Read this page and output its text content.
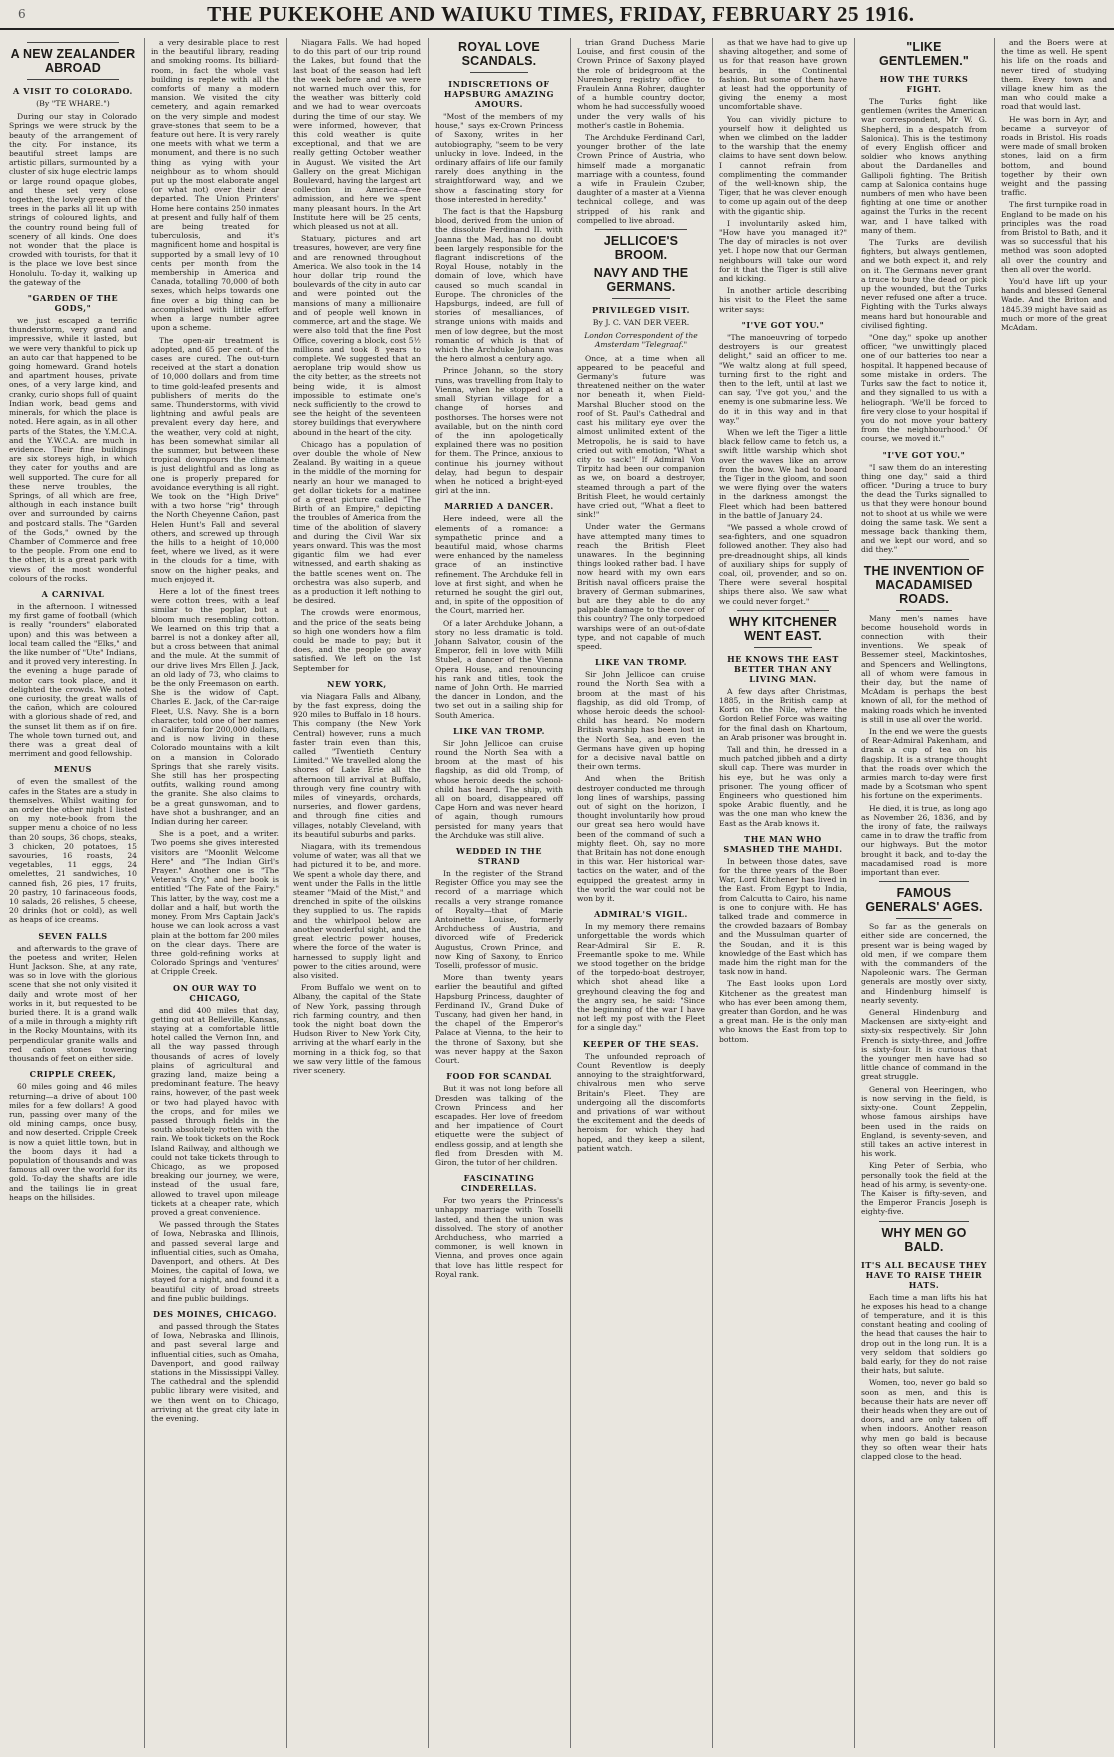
6	THE PUKEKOHE AND WAIUKU TIMES, FRIDAY, FEBRUARY 25 1916.
A NEW ZEALANDER ABROAD
A VISIT TO COLORADO.
(By "TE WHARE.")

During our stay in Colorado Springs we were struck by the beauty of the arrangement of the city. For instance, its beautiful street lamps are artistic pillars, surmounted by a cluster of six huge electric lamps or large round opaque globes, and these set very close together, the lovely green of the trees in the parks all lit up with strings of coloured lights, and the country round being full of scenery of all kinds. One does not wonder that the place is crowded with tourists, for that it is the place we love best since Honolulu. To-day it, walking up the gateway of the

"GARDEN OF THE GODS,"

we just escaped a terrific thunderstorm, very grand and impressive, while it lasted, but we were very thankful to pick up an auto car that happened to be going homeward. Grand hotels and apartment houses, private ones, of a very large kind, and cranky, curio shops full of quaint Indian work, bead gems and minerals, for which the place is noted. Here again, as in all other parts of the States, the Y.M.C.A. and the Y.W.C.A. are much in evidence. Their fine buildings are six storeys high, in which they cater for youths and are well supported. The cure for all these nerve troubles, the Springs, of all which are free, although in each instance built over and surrounded by cairns and postcard stalls. The "Garden of the Gods," owned by the Chamber of Commerce and free to the people. From one end to the other, it is a great park with views of the most wonderful colours of the rocks.

A CARNIVAL

in the afternoon. I witnessed my first game of football (which is really "rounders" elaborated upon) and this was between a local team called the "Elks," and the like number of "Ute" Indians, and it proved very interesting. In the evening a huge parade of motor cars took place, and it delighted the crowds. We noted one curiosity, the great walls of the cañon, which are coloured with a glorious shade of red, and the sunset lit them as if on fire. The whole town turned out, and there was a great deal of merriment and good fellowship.

MENUS

of even the smallest of the cafes in the States are a study in themselves. Whilst waiting for an order the other night I listed on my note-book from the supper menu a choice of no less than 20 soups, 36 chops, steaks, 3 chicken, 20 potatoes, 15 savouries, 16 roasts, 24 vegetables, 11 eggs, 24 omelettes, 21 sandwiches, 10 canned fish, 26 pies, 17 fruits, 20 pastry, 10 farinaceous foods, 10 salads, 26 relishes, 5 cheese, 20 drinks (hot or cold), as well as heaps of ice creams.

SEVEN FALLS

and afterwards to the grave of the poetess and writer, Helen Hunt Jackson. She, at any rate, was so in love with the glorious scene that she not only visited it daily and wrote most of her works in it, but requested to be buried there. It is a grand walk of a mile in through a mighty rift in the Rocky Mountains, with its perpendicular granite walls and red cañon stones towering thousands of feet on either side.

CRIPPLE CREEK,

60 miles going and 46 miles returning—a drive of about 100 miles for a few dollars! A good run, passing over many of the old mining camps, once busy, and now deserted. Cripple Creek is now a quiet little town, but in the boom days it had a population of thousands and was famous all over the world for its gold. To-day the shafts are idle and the tailings lie in great heaps on the hillsides.

a very desirable place to rest in the beautiful library, reading and smoking rooms. Its billiard-room, in fact the whole vast building is replete with all the comforts of many a modern mansion. We visited the city cemetery, and again remarked on the very simple and modest grave-stones that seem to be a feature out here. It is very rarely one meets with what we term a monument, and there is no such thing as vying with your neighbour as to whom should put up the most elaborate angel (or what not) over their dear departed. The Union Printers' Home here contains 250 inmates at present and fully half of them are being treated for tuberculosis, and it's magnificent home and hospital is supported by a small levy of 10 cents per month from the membership in America and Canada, totalling 70,000 of both sexes, which helps towards one fine over a big thing can be accomplished with little effort when a large number agree upon a scheme.

The open-air treatment is adopted, and 65 per cent. of the cases are cured. The out-turn received at the start a donation of 10,000 dollars and from time to time gold-leafed presents and publishers of merits do the same. Thunderstorms, with vivid lightning and awful peals are prevalent every day here, and the weather, very cold at night, has been somewhat similar all the summer, but between these tropical downpours the climate is just delightful and as long as one is properly prepared for avoidance everything is all right. We took on the "High Drive" with a two horse "rig" through the North Cheyenne Cañon, past Helen Hunt's Fall and several others, and screwed up through the hills to a height of 10,000 feet, where we lived, as it were in the clouds for a time, with snow on the higher peaks, and much enjoyed it.

Here a lot of the finest trees were cotton trees, with a leaf similar to the poplar, but a bloom much resembling cotton. We learned on this trip that a barrel is not a donkey after all, but a cross between that animal and the mule. At the summit of our drive lives Mrs Ellen J. Jack, an old lady of 73, who claims to be the only Freemason on earth. She is the widow of Capt. Charles E. Jack, of the Car-raige Fleet, U.S. Navy. She is a born character, told one of her names in California for 200,000 dollars, and is now living in these Colorado mountains with a kilt on a mansion in Colorado Springs that she rarely visits. She still has her prospecting outfits, walking round among the granite. She also claims to be a great gunswoman, and to have shot a bushranger, and an Indian during her career.

She is a poet, and a writer. Two poems she gives interested visitors are "Moonlit Welcome Here" and "The Indian Girl's Prayer." Another one is "The Veteran's Cry," and her book is entitled "The Fate of the Fairy." This latter, by the way, cost me a dollar and a half, but worth the money. From Mrs Captain Jack's house we can look across a vast plain at the bottom far 200 miles on the clear days. There are three gold-refining works at Colorado Springs and 'ventures' at Cripple Creek.

ON OUR WAY TO CHICAGO,

and did 400 miles that day, getting out at Belleville, Kansas, staying at a comfortable little hotel called the Vernon Inn, and all the way passed through thousands of acres of lovely plains of agricultural and grazing land, maize being a predominant feature. The heavy rains, however, of the past week or two had played havoc with the crops, and for miles we passed through fields in the south absolutely rotten with the rain. We took tickets on the Rock Island Railway, and although we could not take tickets through to Chicago, as we proposed breaking our journey, we were, instead of the usual fare, allowed to travel upon mileage tickets at a cheaper rate, which proved a great convenience.

We passed through the States of Iowa, Nebraska and Illinois, and passed several large and influential cities, such as Omaha, Davenport, and others. At Des Moines, the capital of Iowa, we stayed for a night, and found it a beautiful city of broad streets and fine public buildings.

DES MOINES, CHICAGO.

and passed through the States of Iowa, Nebraska and Illinois, and past several large and influential cities, such as Omaha, Davenport, and good railway stations in the Mississippi Valley. The cathedral and the splendid public library were visited, and we then went on to Chicago, arriving at the great city late in the evening.

Niagara Falls. We had hoped to do this part of our trip round the Lakes, but found that the last boat of the season had left the week before and we were not warned much over this, for the weather was bitterly cold and we had to wear overcoats during the time of our stay. We were informed, however, that this cold weather is quite exceptional, and that we are really getting October weather in August. We visited the Art Gallery on the great Michigan Boulevard, having the largest art collection in America—free admission, and here we spent many pleasant hours. In the Art Institute here will be 25 cents, which pleased us not at all.

Statuary, pictures and art treasures, however, are very fine and are renowned throughout America. We also took in the 14 hour dollar trip round the boulevards of the city in auto car and were pointed out the mansions of many a millionaire and of people well known in commerce, art and the stage. We were also told that the fine Post Office, covering a block, cost 5½ millions and took 8 years to complete. We suggested that an aeroplane trip would show us the city better, as the streets not being wide, it is almost impossible to estimate one's neck sufficiently to the crowd to see the height of the seventeen storey buildings that everywhere abound in the heart of the city.

Chicago has a population of over double the whole of New Zealand. By waiting in a queue in the middle of the morning for nearly an hour we managed to get dollar tickets for a matinee of a great picture called "The Birth of an Empire," depicting the troubles of America from the time of the abolition of slavery and during the Civil War six years onward. This was the most gigantic film we had ever witnessed, and earth shaking as the battle scenes went on. The orchestra was also superb, and as a production it left nothing to be desired.

The crowds were enormous, and the price of the seats being so high one wonders how a film could be made to pay; but it does, and the people go away satisfied. We left on the 1st September for

NEW YORK,

via Niagara Falls and Albany, by the fast express, doing the 920 miles to Buffalo in 18 hours. This company (the New York Central) however, runs a much faster train even than this, called "Twentieth Century Limited." We travelled along the shores of Lake Erie all the afternoon till arrival at Buffalo, through very fine country with miles of vineyards, orchards, nurseries, and flower gardens, and through fine cities and villages, notably Cleveland, with its beautiful suburbs and parks.

Niagara, with its tremendous volume of water, was all that we had pictured it to be, and more. We spent a whole day there, and went under the Falls in the little steamer "Maid of the Mist," and drenched in spite of the oilskins they supplied to us. The rapids and the whirlpool below are another wonderful sight, and the great electric power houses, where the force of the water is harnessed to supply light and power to the cities around, were also visited.

From Buffalo we went on to Albany, the capital of the State of New York, passing through rich farming country, and then took the night boat down the Hudson River to New York City, arriving at the wharf early in the morning in a thick fog, so that we saw very little of the famous river scenery.

ROYAL LOVE SCANDALS.
INDISCRETIONS OF HAPSBURG AMAZING AMOURS.

"Most of the members of my house," says ex-Crown Princess of Saxony, writes in her autobiography, "seem to be very unlucky in love. Indeed, in the ordinary affairs of life our family rarely does anything in the straightforward way, and we show a fascinating story for those interested in heredity."

The fact is that the Hapsburg blood, derived from the union of the dissolute Ferdinand II. with Joanna the Mad, has no doubt been largely responsible for the flagrant indiscretions of the Royal House, notably in the domain of love, which have caused so much scandal in Europe. The chronicles of the Hapsburgs, indeed, are full of stories of mesalliances, of strange unions with maids and men of low degree, but the most romantic of which is that of which the Archduke Johann was the hero almost a century ago.

Prince Johann, so the story runs, was travelling from Italy to Vienna, when he stopped at a small Styrian village for a change of horses and posthorses. The horses were not available, but on the ninth cord of the inn apologetically explained there was no position for them. The Prince, anxious to continue his journey without delay, had begun to despair when he noticed a bright-eyed girl at the inn.

MARRIED A DANCER.

Here indeed, were all the elements of a romance: a sympathetic prince and a beautiful maid, whose charms were enhanced by the nameless grace of an instinctive refinement. The Archduke fell in love at first sight, and when he returned he sought the girl out, and, in spite of the opposition of the Court, married her.

Of a later Archduke Johann, a story no less dramatic is told. Johann Salvator, cousin of the Emperor, fell in love with Milli Stubel, a dancer of the Vienna Opera House, and renouncing his rank and titles, took the name of John Orth. He married the dancer in London, and the two set out in a sailing ship for South America.

LIKE VAN TROMP.

Sir John Jellicoe can cruise round the North Sea with a broom at the mast of his flagship, as did old Tromp, of whose heroic deeds the school-child has heard. The ship, with all on board, disappeared off Cape Horn and was never heard of again, though rumours persisted for many years that the Archduke was still alive.

WEDDED IN THE STRAND

In the register of the Strand Register Office you may see the record of a marriage which recalls a very strange romance of Royalty—that of Marie Antoinette Louise, formerly Archduchess of Austria, and divorced wife of Frederick Augustus, Crown Prince, and now King of Saxony, to Enrico Toselli, professor of music.

More than twenty years earlier the beautiful and gifted Hapsburg Princess, daughter of Ferdinand IV., Grand Duke of Tuscany, had given her hand, in the chapel of the Emperor's Palace at Vienna, to the heir to the throne of Saxony, but she was never happy at the Saxon Court.

FOOD FOR SCANDAL

But it was not long before all Dresden was talking of the Crown Princess and her escapades. Her love of freedom and her impatience of Court etiquette were the subject of endless gossip, and at length she fled from Dresden with M. Giron, the tutor of her children.

FASCINATING CINDERELLAS.

For two years the Princess's unhappy marriage with Toselli lasted, and then the union was dissolved. The story of another Archduchess, who married a commoner, is well known in Vienna, and proves once again that love has little respect for Royal rank.

trian Grand Duchess Marie Louise, and first cousin of the Crown Prince of Saxony played the role of bridegroom at the Nuremberg registry office to Fraulein Anna Rohrer, daughter of a humble country doctor, whom he had successfully wooed under the very walls of his mother's castle in Bohemia.

The Archduke Ferdinand Carl, younger brother of the late Crown Prince of Austria, who himself made a morganatic marriage with a countess, found a wife in Fraulein Czuber, daughter of a master at a Vienna technical college, and was stripped of his rank and compelled to live abroad.

JELLICOE'S BROOM.
NAVY AND THE GERMANS.
PRIVILEGED VISIT.
By J. C. VAN DER VEER.
London Correspondent of the Amsterdam "Telegraaf."

Once, at a time when all appeared to be peaceful and Germany's future was threatened neither on the water nor beneath it, when Field-Marshal Blucher stood on the roof of St. Paul's Cathedral and cast his military eye over the almost unlimited extent of the Metropolis, he is said to have cried out with emotion, "What a city to sack!" If Admiral Von Tirpitz had been our companion as we, on board a destroyer, steamed through a part of the British Fleet, he would certainly have cried out, "What a fleet to sink!"

Under water the Germans have attempted many times to reach the British Fleet unawares. In the beginning things looked rather bad. I have now heard with my own ears British naval officers praise the bravery of German submarines, but are they able to do any palpable damage to the cover of this country? The only torpedoed warships were of an out-of-date type, and not capable of much speed.

LIKE VAN TROMP.

Sir John Jellicoe can cruise round the North Sea with a broom at the mast of his flagship, as did old Tromp, of whose heroic deeds the school-child has heard. No modern British warship has been lost in the North Sea, and even the Germans have given up hoping for a decisive naval battle on their own terms.

And when the British destroyer conducted me through long lines of warships, passing out of sight on the horizon, I thought involuntarily how proud our great sea hero would have been of the command of such a mighty fleet. Oh, say no more that Britain has not done enough in this war. Her historical war-tactics on the water, and of the equipped the greatest army in the world the war could not be won by it.

ADMIRAL'S VIGIL.

In my memory there remains unforgettable the words which Rear-Admiral Sir E. R. Freemantle spoke to me. While we stood together on the bridge of the torpedo-boat destroyer, which shot ahead like a greyhound cleaving the fog and the angry sea, he said: "Since the beginning of the war I have not left my post with the Fleet for a single day."

KEEPER OF THE SEAS.

The unfounded reproach of Count Reventlow is deeply annoying to the straightforward, chivalrous men who serve Britain's Fleet. They are undergoing all the discomforts and privations of war without the excitement and the deeds of heroism for which they had hoped, and they keep a silent, patient watch.

as that we have had to give up shaving altogether, and some of us for that reason have grown beards, in the Continental fashion. But some of them have at least had the opportunity of giving the enemy a most uncomfortable shave.

You can vividly picture to yourself how it delighted us when we climbed on the ladder to the warship that the enemy claims to have sent down below. I cannot refrain from complimenting the commander of the well-known ship, the Tiger, that he was clever enough to come up again out of the deep with the gigantic ship.

I involuntarily asked him, "How have you managed it?" The day of miracles is not over yet. I hope now that our German neighbours will take our word for it that the Tiger is still alive and kicking.

In another article describing his visit to the Fleet the same writer says:

"I'VE GOT YOU."

"The manoeuvring of torpedo destroyers is our greatest delight," said an officer to me. "We waltz along at full speed, turning first to the right and then to the left, until at last we can say, 'I've got you,' and the enemy is one submarine less. We do it in this way and in that way."

When we left the Tiger a little black fellow came to fetch us, a swift little warship which shot over the waves like an arrow from the bow. We had to board the Tiger in the gloom, and soon we were flying over the waters in the darkness amongst the Fleet which had been battered in the battle of January 24.

"We passed a whole crowd of sea-fighters, and one squadron followed another. They also had pre-dreadnought ships, all kinds of auxiliary ships for supply of coal, oil, provender, and so on. There were several hospital ships there also. We saw what we could never forget."

WHY KITCHENER WENT EAST.
HE KNOWS THE EAST BETTER THAN ANY LIVING MAN.

A few days after Christmas, 1885, in the British camp at Korti on the Nile, where the Gordon Relief Force was waiting for the final dash on Khartoum, an Arab prisoner was brought in.

Tall and thin, he dressed in a much patched jibbeh and a dirty skull cap. There was murder in his eye, but he was only a prisoner. The young officer of Engineers who questioned him spoke Arabic fluently, and he was the one man who knew the East as the Arab knows it.

THE MAN WHO SMASHED THE MAHDI.

In between those dates, save for the three years of the Boer War, Lord Kitchener has lived in the East. From Egypt to India, from Calcutta to Cairo, his name is one to conjure with. He has talked trade and commerce in the crowded bazaars of Bombay and the Mussulman quarter of the Soudan, and it is this knowledge of the East which has made him the right man for the task now in hand.

The East looks upon Lord Kitchener as the greatest man who has ever been among them, greater than Gordon, and he was a great man. He is the only man who knows the East from top to bottom.

"LIKE GENTLEMEN."
HOW THE TURKS FIGHT.

The Turks fight like gentlemen (writes the American war correspondent, Mr W. G. Shepherd, in a despatch from Salonica). This is the testimony of every English officer and soldier who knows anything about the Dardanelles and Gallipoli fighting. The British camp at Salonica contains huge numbers of men who have been fighting at one time or another against the Turks in the recent war, and I have talked with many of them.

The Turks are devilish fighters, but always gentlemen, and we both expect it, and rely on it. The Germans never grant a truce to bury the dead or pick up the wounded, but the Turks never refused one after a truce. Fighting with the Turks always means hard but honourable and civilised fighting.

"One day," spoke up another officer, "we unwittingly placed one of our batteries too near a hospital. It happened because of some mistake in orders. The Turks saw the fact to notice it, and they signalled to us with a heliograph. 'We'll be forced to fire very close to your hospital if you do not move your battery from the neighbourhood.' Of course, we moved it."

"I'VE GOT YOU."

"I saw them do an interesting thing one day," said a third officer. "During a truce to bury the dead the Turks signalled to us that they were honour bound not to shoot at us while we were doing the same task. We sent a message back thanking them, and we kept our word, and so did they."

THE INVENTION OF MACADAMISED ROADS.

Many men's names have become household words in connection with their inventions. We speak of Bessemer steel, Mackintoshes, and Spencers and Wellingtons, all of whom were famous in their day, but the name of McAdam is perhaps the best known of all, for the method of making roads which he invented is still in use all over the world.

In the end we were the guests of Rear-Admiral Pakenham, and drank a cup of tea on his flagship. It is a strange thought that the roads over which the armies march to-day were first made by a Scotsman who spent his fortune on the experiments.

He died, it is true, as long ago as November 26, 1836, and by the irony of fate, the railways came in to draw the traffic from our highways. But the motor brought it back, and to-day the macadamised road is more important than ever.

FAMOUS GENERALS' AGES.

So far as the generals on either side are concerned, the present war is being waged by old men, if we compare them with the commanders of the Napoleonic wars. The German generals are mostly over sixty, and Hindenburg himself is nearly seventy.

General Hindenburg and Mackensen are sixty-eight and sixty-six respectively. Sir John French is sixty-three, and Joffre is sixty-four. It is curious that the younger men have had so little chance of command in the great struggle.

General von Heeringen, who is now serving in the field, is sixty-one. Count Zeppelin, whose famous airships have been used in the raids on England, is seventy-seven, and still takes an active interest in his work.

King Peter of Serbia, who personally took the field at the head of his army, is seventy-one. The Kaiser is fifty-seven, and the Emperor Francis Joseph is eighty-five.

WHY MEN GO BALD.
IT'S ALL BECAUSE THEY HAVE TO RAISE THEIR HATS.

Each time a man lifts his hat he exposes his head to a change of temperature, and it is this constant heating and cooling of the head that causes the hair to drop out in the long run. It is a very seldom that soldiers go bald early, for they do not raise their hats, but salute.

Women, too, never go bald so soon as men, and this is because their hats are never off their heads when they are out of doors, and are only taken off when indoors. Another reason why men go bald is because they so often wear their hats clapped close to the head.

and the Boers were at the time as well. He spent his life on the roads and never tired of studying them. Every town and village knew him as the man who could make a road that would last.

He was born in Ayr, and became a surveyor of roads in Bristol. His roads were made of small broken stones, laid on a firm bottom, and bound together by their own weight and the passing traffic.

The first turnpike road in England to be made on his principles was the road from Bristol to Bath, and it was so successful that his method was soon adopted all over the country and then all over the world.

You'd have lift up your hands and blessed General Wade. And the Briton and 1845.39 might have said as much or more of the great McAdam.
